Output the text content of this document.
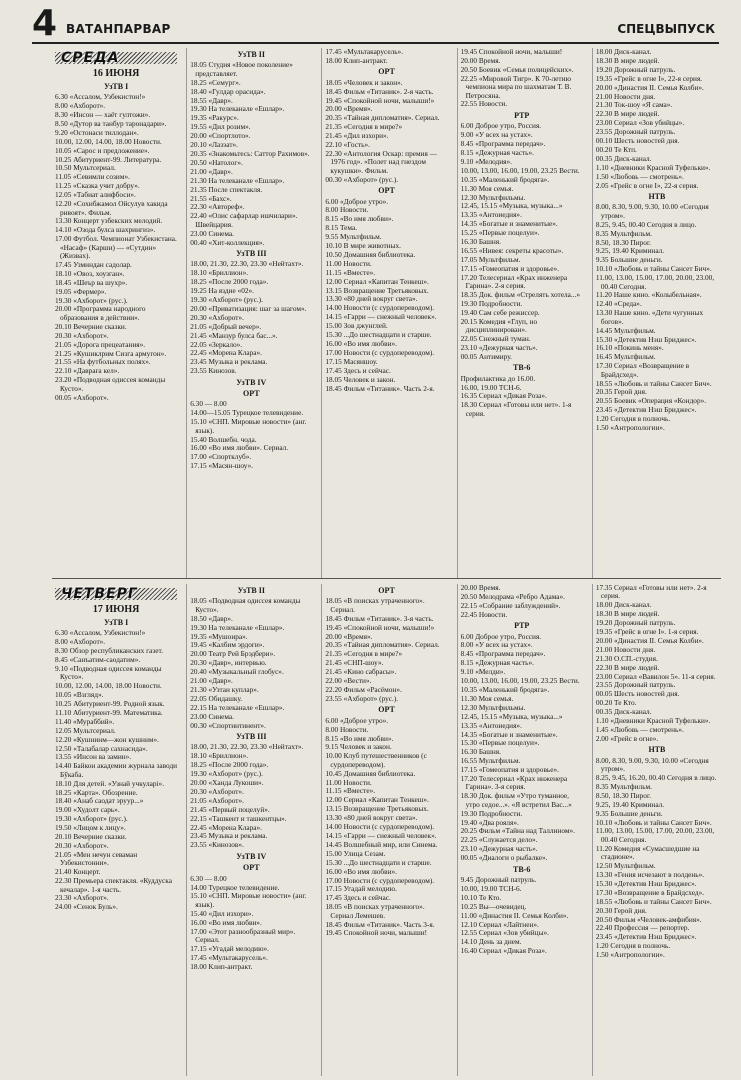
4 ВАТАНПАРВАР	СПЕЦВЫПУСК
СРЕДА
16 ИЮНЯ
УзТВ I
6.30 «Ассалом, Узбекистон!»
8.00 «Ахборот».
8.30 «Инсон — хаёт гултожи».
8.50 «Дутор ва танбур таронадари».
9.20 «Остонаси тиллодан».
10.00, 12.00, 14.00, 18.00 Новости.
10.05 «Сарос и предложение».
10.25 Абитуриент-99. Литература.
10.50 Мультсериал.
11.05 «Севимли созим».
11.25 «Сказка учит добру».
12.05 «Табиат алифбоси».
12.20 «Сохибжамол Ойсулув хакида ривоят». Фильм.
13.30 Концерт узбекских мелодий.
14.10 «Озода булса шахрингиз».
17.00 Футбол. Чемпионат Узбекистана. «Насаф» (Карши) — «Сутдин» (Жизвах).
17.45 Узминдан садолар.
18.10 «Овоз, хоузган».
18.45 «Шеър ва шухр».
19.05 «Фермер».
19.30 «Ахборот» (рус.).
20.00 «Программа народного образования в действии».
20.10 Вечерние сказки.
20.30 «Ахборот».
21.05 «Дорога прецеатания».
21.25 «Кушиклрим Сизга армугон».
21.55 «На футбольных полях».
22.10 «Давраға кел».
23.20 «Подводная одиссея команды Кусто».
00.05 «Ахборот».
УзТВ II
18.05 Студия «Новое поколение» представляет.
18.25 «Семург».
18.40 «Гулдар орасида».
18.55 «Давр».
19.30 На телеканале «Ешлар».
19.35 «Ракурс».
19.55 «Дил розим».
20.00 «Спортлото».
20.10 «Лазэат».
20.35 «Знакомьтесь: Саттор Рахимов».
20.50 «Натолог».
21.00 «Давр».
21.30 На телеканале «Ешлар».
21.35 После спектакля.
21.55 «Бахс».
22.30 «Автореф».
22.40 «Олис сафарлар ишчилари». Швейцария.
23.00 Синема.
00.40 «Хит-коллекция».
УзТВ III
18.00, 21.30, 22.30, 23.30 «Нейтахт».
18.10 «Бриллион».
18.25 «После 2000 года».
19.25 На яздие «02».
19.30 «Ахборот» (рус.).
20.00 «Приватизация: шаг за шагом».
20.30 «Ахборот».
21.05 «Добрый вечер».
21.45 «Манзур булса бас...».
22.05 «Зеркало».
22.45 «Морена Клара».
23.45 Музыка и реклама.
23.55 Кинозов.
УзТВ IV
ОРТ
6.30 — 8.00
14.00—15.05 Турецкое телевидение.
15.10 «СНП. Мировые новости» (анг. язык).
15.40 Волшебн. чода.
16.00 «Во имя любви». Сериал.
17.00 «Спортклуб».
17.15 «Масян-шоу».
17.45 «Мультакарусель».
18.00 Клип-антракт.
ОРТ
18.05 «Человек и закон».
18.45 Фильм «Титаник». 2-я часть.
19.45 «Спокойной ночи, малыши!»
20.00 «Время».
20.35 «Тайная дипломатия». Сериал.
21.35 «Сегодня в мире?»
21.45 «Дил изхори».
22.10 «Гость».
22.30 «Антология Оскар: премия — 1976 год». «Полет над гнездом кукушки». Фильм.
00.30 «Ахборот» (рус.).
ОРТ
6.00 «Доброе утро».
8.00 Новости.
8.15 «Во имя любви».
8.15 Тема.
9.55 Мультфильм.
10.10 В мире животных.
10.50 Домашняя библиотека.
11.00 Новости.
11.15 «Вместе».
12.00 Сериал «Капитан Тенкеш».
13.15 Возвращение Третьяковых.
13.30 «80 дней вокруг света».
14.00 Новости (с сурдопереводом).
14.15 «Гарри — снежный человек».
15.00 Зов джунглей.
15.30 ...До шестнадцати и старше.
16.00 «Во имя любви».
17.00 Новости (с сурдопереводом).
17.15 Масяншоу.
17.45 Здесь и сейчас.
18.05 Человек и закон.
18.45 Фильм «Титаник». Часть 2-я.
19.45 Спокойной ночи, малыши!
20.00 Время.
20.50 Боевик «Семья полицейских».
22.25 «Мировой Тигр». К 70-летию чемпиона мира по шахматам Т. В. Петросяна.
22.55 Новости.
РТР
6.00 Доброе утро, Россия.
9.00 «У всех на устах».
8.45 «Программа передач».
8.15 «Дежурная часть».
9.10 «Мелодия».
10.00, 13.00, 16.00, 19.00, 23.25 Вести.
10.35 «Маленький бродяга».
11.30 Моя семья.
12.30 Мультфильмы.
12.45, 15.15 «Музыка, музыка...»
13.35 «Антоиедия».
14.35 «Богатые и знаменитые».
15.25 «Первые поцелуи».
16.30 Башня.
16.55 «Нивея: секреты красоты».
17.05 Мультфильм.
17.15 «Гомеопатия и здоровье».
17.20 Телесериал «Крах инженера Гарина». 2-я серия.
18.35 Док. фильм «Стрелять хотела...»
19.30 Подробности.
19.40 Сам себе режиссер.
20.15 Комедия «Глуп, но дисциплинирован».
22.05 Снежный туман.
23.10 «Дежурная часть».
00.05 Антимиру.
ТВ-6
Профилактика до 16.00.
16.00, 19.00 ТСН-6.
16.35 Сериал «Дикая Роза».
18.30 Сериал «Готовы или нет». 1-я серия.
18.00 Диск-канал.
18.30 В мире людей.
19.20 Дорожный патруль.
19.35 «Грейс в огне I», 22-я серия.
20.00 «Династия II. Семья Колби».
21.00 Новости дня.
21.30 Ток-шоу «Я сама».
22.30 В мире людей.
23.00 Сериал «Зов убийцы».
23.55 Дорожный патруль.
00.10 Шесть новостей дня.
00.20 Те Ктп.
00.35 Диск-канал.
1.10 «Дневники Красной Туфельки».
1.50 «Любовь — смотрень».
2.05 «Грейс в огне I», 22-я серия.
НТВ
8.00, 8.30, 9.00, 9.30, 10.00 «Сегодня утром».
8.25, 9.45, 00.40 Сегодня в лицо.
8.35 Мультфильм.
8.50, 18.30 Пирог.
9.25, 19.40 Криминал.
9.35 Большие деньги.
10.10 «Любовь и тайны Сансет Бич».
11.00, 13.00, 15.00, 17.00, 20.00, 23.00, 00.40 Сегодня.
11.20 Наше кино. «Колыбельная».
12.40 «Среда».
13.30 Наше кино. «Дети чугунных богов».
14.45 Мультфильм.
15.30 «Детектив Нэш Бриджес».
16.10 «Покинь меня».
16.45 Мультфильм.
17.30 Сериал «Возвращение в Брайдсхед».
18.55 «Любовь и тайны Сансет Бич».
20.35 Герой дня.
20.55 Боевик «Операция «Кондор».
23.45 «Детектив Нэш Бриджес».
1.20 Сегодня в полночь.
1.50 «Антропологии».
ЧЕТВЕРГ
17 ИЮНЯ
УзТВ I
6.30 «Ассалом, Узбекистон!»
8.00 «Ахборот».
8.30 Обзор республиканских газет.
8.45 «Санъатим-саодатим».
9.10 «Подводная одиссея команды Кусто».
10.00, 12.00, 14.00, 18.00 Новости.
10.05 «Взгляд».
10.25 Абитуриент-99. Родной язык.
11.10 Абитуриент-99. Математика.
11.40 «Мураббий».
12.05 Мультсериал.
12.20 «Кушнинм—жон кушним».
12.50 «Талабалар сахнасида».
13.55 «Инсон ва замин».
14.40 Байкон академии журнала заводи Бўкаба.
18.10 Для детей. «Узнай учкуларі».
18.25 «Карта». Обозрение.
18.40 «Анаб саодат эруур...»
19.00 «Худолт сарь».
19.30 «Ахборот» (рус.).
19.50 «Лицом к лицу».
20.10 Вечерние сказки.
20.30 «Ахборот».
21.05 «Мен нечун севаман Узбекистонни».
21.40 Концерт.
22.30 Премьера спектакля. «Куддуска кечалар». 1-я часть.
23.30 «Ахборот».
24.00 «Сенок Буль».
УзТВ II
18.05 «Подводная одиссея команды Кусто».
18.50 «Давр».
19.30 На телеканале «Ешлар».
19.35 «Мушоира».
19.45 «Калбим эрдоги».
20.00 Театр Рей Брэдбери».
20.30 «Давр», интервью.
20.40 «Музыкальный глобус».
21.00 «Давр».
21.30 «Узтан куплар».
22.05 Обидашку.
22.15 На телеканале «Ешлар».
23.00 Синема.
00.30 «Спортинтинент».
УзТВ III
18.00, 21.30, 22.30, 23.30 «Нейтахт».
18.10 «Бриллион».
18.25 «После 2000 года».
19.30 «Ахборот» (рус.).
20.00 «Ханда Лукоши».
20.30 «Ахборот».
21.05 «Ахборот».
21.45 «Первый поцелуй».
22.15 «Ташкент и ташкентцы».
22.45 «Морена Клара».
23.45 Музыка и реклама.
23.55 «Кинозов».
УзТВ IV
ОРТ
6.30 — 8.00
14.00 Турецкое телевидение.
15.10 «СНП. Мировые новости» (анг. язык).
15.40 «Дил изхори».
16.00 «Во имя любви».
17.00 «Этот разнообразный мир». Сериал.
17.15 «Угадай мелодию».
17.45 «Мультакарусель».
18.00 Клип-антракт.
ОРТ
18.05 «В поисках утраченного». Сериал.
18.45 Фильм «Титаник». 3-я часть.
19.45 «Спокойной ночи, малыши!»
20.00 «Время».
20.35 «Тайная дипломатия». Сериал.
21.35 «Сегодня в мире?»
21.45 «СНП-шоу».
21.45 «Кино сабрасы».
22.00 «Вести».
22.20 Фильм «Расёмон».
23.55 «Ахборот» (рус.).
ОРТ
6.00 «Доброе утро».
8.00 Новости.
8.15 «Во имя любви».
9.15 Человек и закон.
10.00 Клуб путешественников (с сурдопереводом).
10.45 Домашняя библиотека.
11.00 Новости.
11.15 «Вместе».
12.00 Сериал «Капитан Тенкеш».
13.15 Возвращение Третьяковых.
13.30 «80 дней вокруг света».
14.00 Новости (с сурдопереводом).
14.15 «Гарри — снежный человек».
14.45 Волшебный мир, или Синема.
15.00 Улица Сезам.
15.30 ...До шестнадцати и старше.
16.00 «Во имя любви».
17.00 Новости (с сурдопереводом).
17.15 Угадай мелодию.
17.45 Здесь и сейчас.
18.05 «В поисках утраченного». Сериал Лемешев.
18.45 Фильм «Титаник». Часть 3-я.
19.45 Спокойной ночи, малыши!
20.00 Время.
20.50 Мелодрама «Ребро Адама».
22.15 «Собрание заблуждений».
22.45 Новости.
РТР
6.00 Доброе утро, Россия.
8.00 «У всех на устах».
8.45 «Программа передач».
8.15 «Дежурная часть».
9.10 «Мелди».
10.00, 13.00, 16.00, 19.00, 23.25 Вести.
10.35 «Маленький бродяга».
11.30 Моя семья.
12.30 Мультфильмы.
12.45, 15.15 «Музыка, музыка...»
13.35 «Антоиедия».
14.35 «Богатые и знаменитые».
15.30 «Первые поцелуи».
16.30 Башня.
16.55 Мультфильм.
17.15 «Гомеопатия и здоровье».
17.20 Телесериал «Крах инженера Гарина». 3-я серия.
18.30 Док. фильм «Утро туманное, утро седое...». «Я встретил Вас...»
19.30 Подробности.
19.40 «Два рояля».
20.25 Фильм «Тайна над Таллином».
22.25 «Служается дело».
23.10 «Дежурная часть».
00.05 «Диалоги о рыбалке».
ТВ-6
9.45 Дорожный патруль.
10.00, 19.00 ТСН-6.
10.10 Те Кто.
10.25 Вы—очевидец.
11.00 «Династия II. Семья Колби».
12.10 Сериал «Лайтнен».
12.55 Сериал «Зов убийцы».
14.10 День за днем.
16.40 Сериал «Дикая Роза».
17.35 Сериал «Готовы или нет». 2-я серия.
18.00 Диск-канал.
18.30 В мире людей.
19.20 Дорожный патруль.
19.35 «Грейс в огне I». 1-я серия.
20.00 «Династия II. Семья Колби».
21.00 Новости дня.
21.30 О.СП.-студия.
22.30 В мире людей.
23.00 Сериал «Вавилон 5». 11-я серия.
23.55 Дорожный патруль.
00.05 Шесть новостей дня.
00.20 Те Кто.
00.35 Диск-канал.
1.10 «Дневники Красной Туфельки».
1.45 «Любовь — смотрень».
2.00 «Грейс в огне».
НТВ
8.00, 8.30, 9.00, 9.30, 10.00 «Сегодня утром».
8.25, 9.45, 16.20, 00.40 Сегодня в лицо.
8.35 Мультфильм.
8.50, 18.30 Пирог.
9.25, 19.40 Криминал.
9.35 Большие деньги.
10.10 «Любовь и тайны Сансет Бич».
11.00, 13.00, 15.00, 17.00, 20.00, 23.00, 00.40 Сегодня.
11.20 Комедия «Сумасшедшие на стадионе».
12.50 Мультфильм.
13.30 «Гения исчезают в полдень».
15.30 «Детектив Нэш Бриджес».
17.30 «Возвращение в Брайдсхед».
18.55 «Любовь и тайны Сансет Бич».
20.30 Герой дня.
20.50 Фильм «Человек-амфибия».
22.40 Профессия — репортер.
23.45 «Детектив Нэш Бриджес».
1.20 Сегодня в полночь.
1.50 «Антропологии».
